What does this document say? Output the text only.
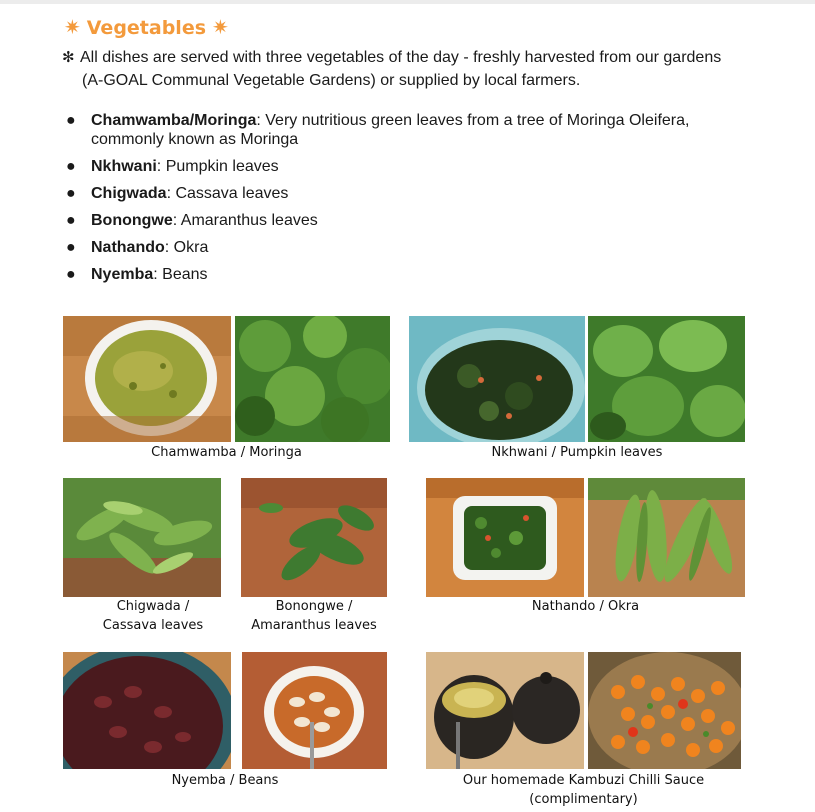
✷ Vegetables ✷
✻ All dishes are served with three vegetables of the day - freshly harvested from our gardens
(A-GOAL Communal Vegetable Gardens) or supplied by local farmers.
● Chamwamba/Moringa: Very nutritious green leaves from a tree of Moringa Oleifera,
commonly known as Moringa
● Nkhwani: Pumpkin leaves
● Chigwada: Cassava leaves
● Bonongwe: Amaranthus leaves
● Nathando: Okra
● Nyemba: Beans
Chamwamba / Moringa	Nkhwani / Pumpkin leaves
Chigwada /
Cassava leaves
Bonongwe /
Amaranthus leaves
Nathando / Okra
Nyemba / Beans	Our homemade Kambuzi Chilli Sauce
(complimentary)
